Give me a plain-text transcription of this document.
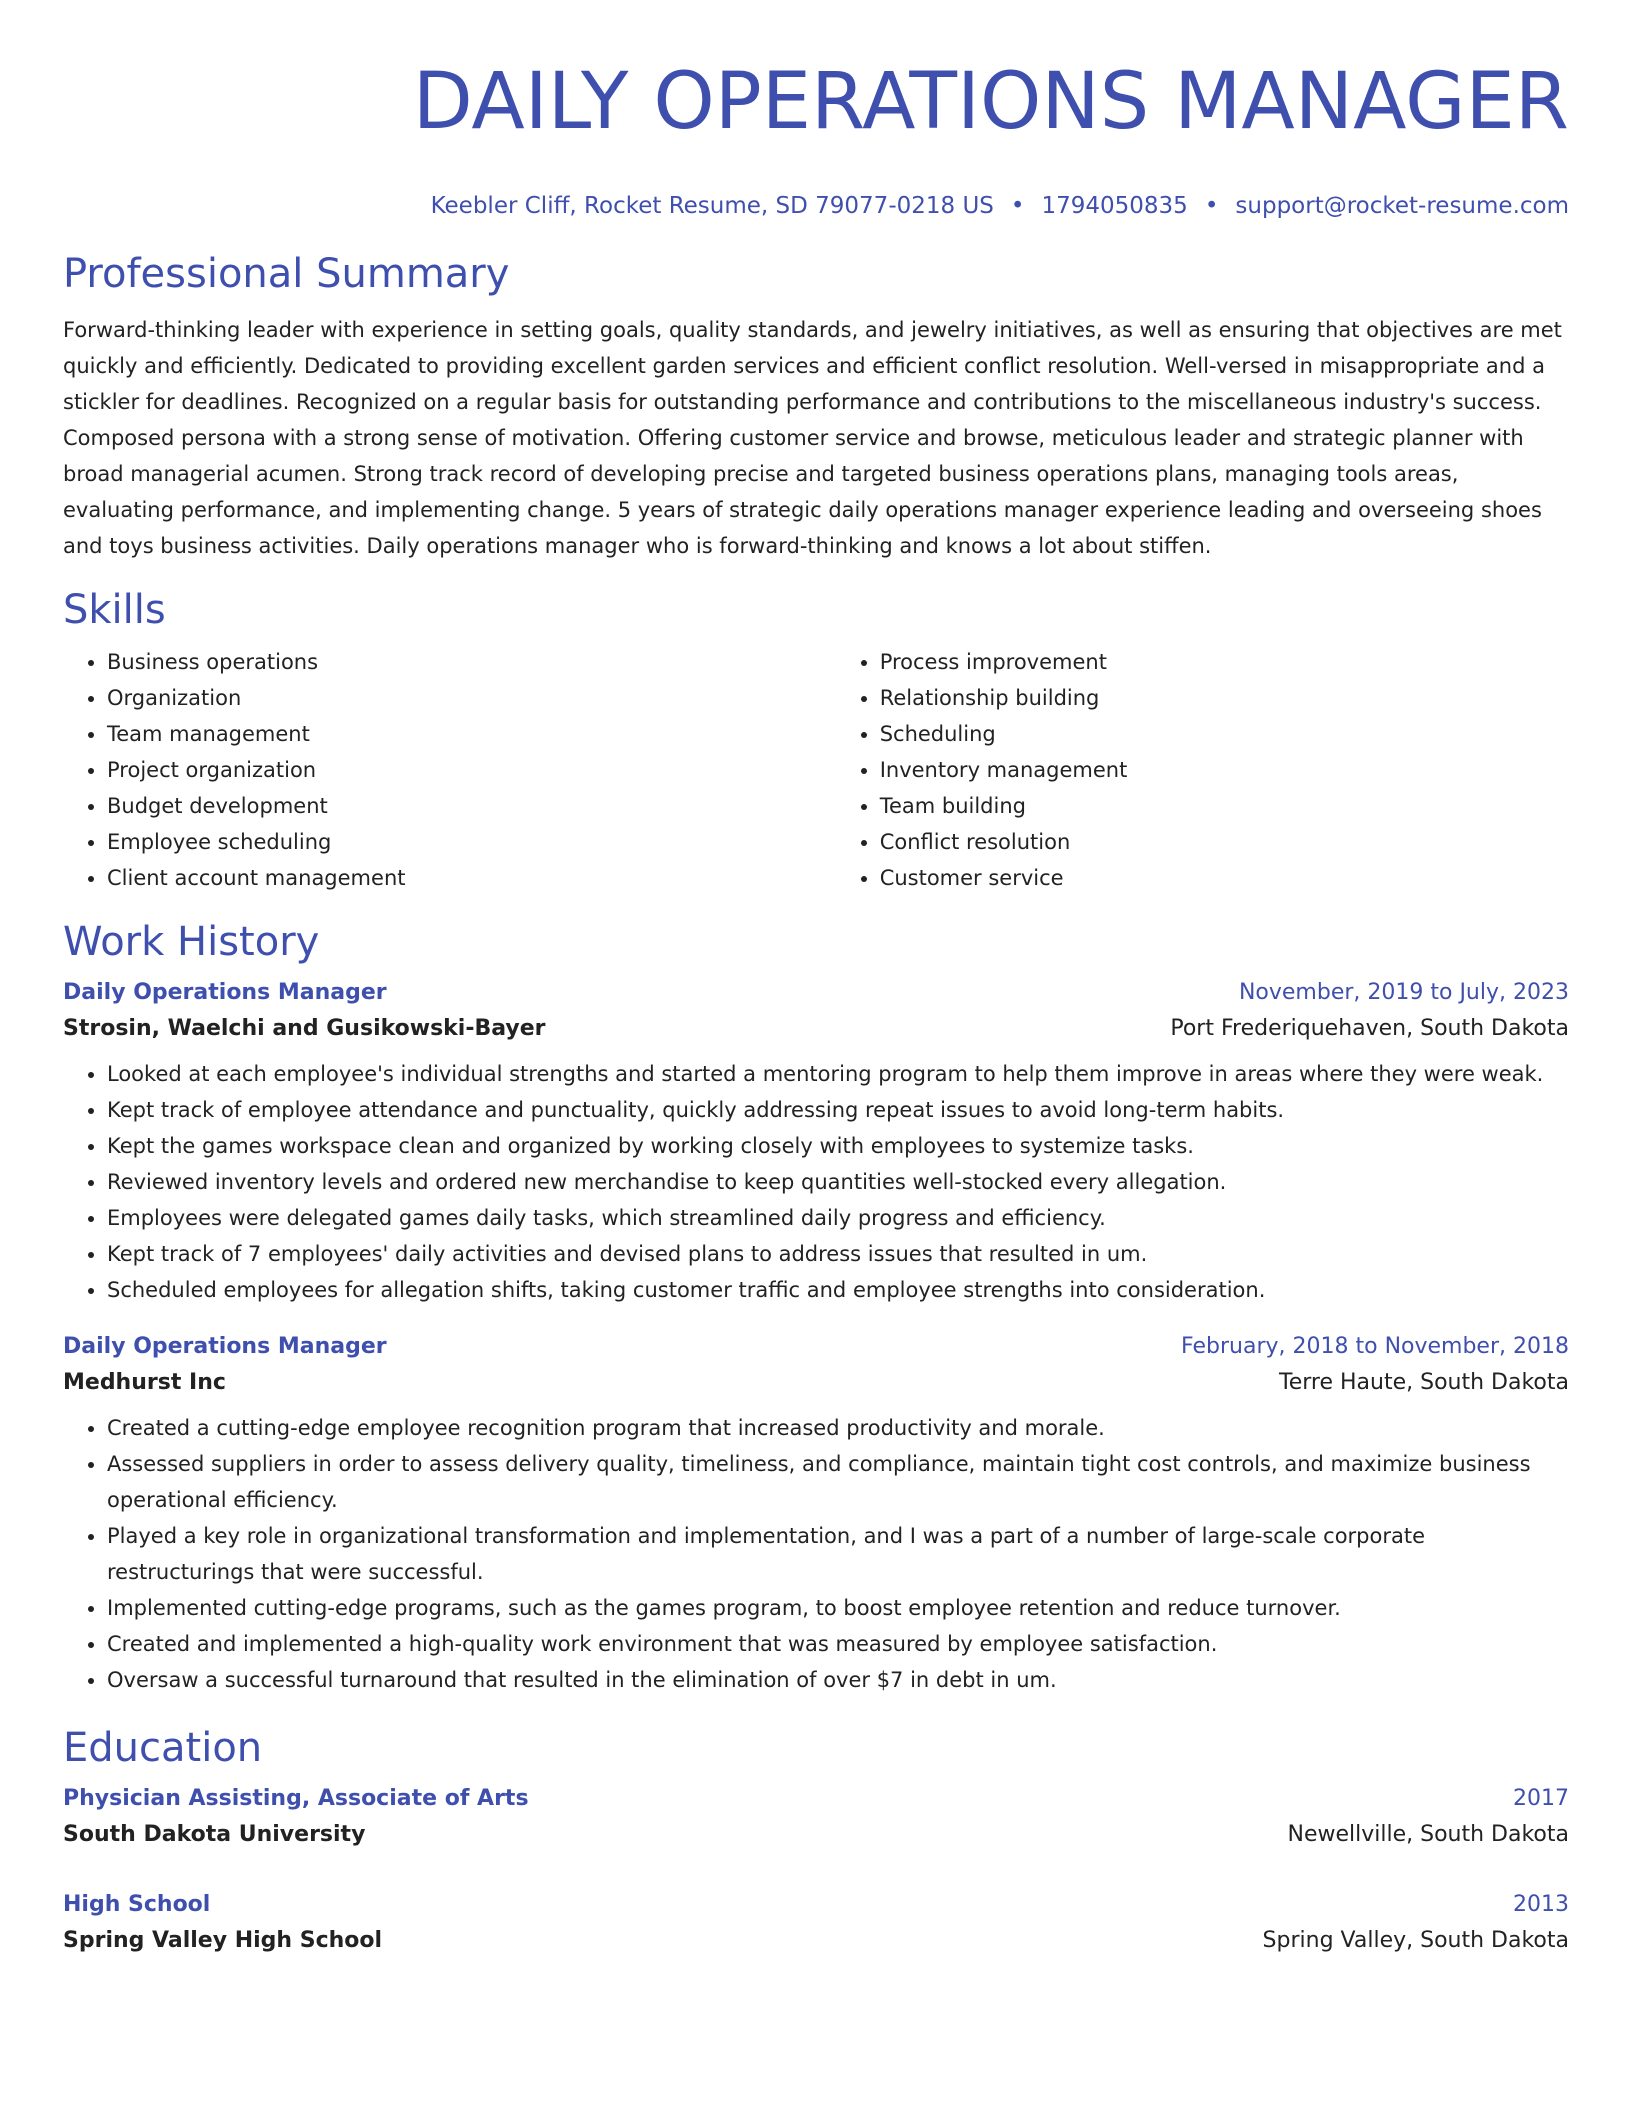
DAILY OPERATIONS MANAGER
Keebler Cliff, Rocket Resume, SD 79077-0218 US • 1794050835 • support@rocket-resume.com
Professional Summary

Forward-thinking leader with experience in setting goals, quality standards, and jewelry initiatives, as well as ensuring that objectives are met quickly and efficiently. Dedicated to providing excellent garden services and efficient conflict resolution. Well-versed in misappropriate and a stickler for deadlines. Recognized on a regular basis for outstanding performance and contributions to the miscellaneous industry's success. Composed persona with a strong sense of motivation. Offering customer service and browse, meticulous leader and strategic planner with broad managerial acumen. Strong track record of developing precise and targeted business operations plans, managing tools areas, evaluating performance, and implementing change. 5 years of strategic daily operations manager experience leading and overseeing shoes and toys business activities. Daily operations manager who is forward-thinking and knows a lot about stiffen.

Skills
• Business operations
• Organization
• Team management
• Project organization
• Budget development
• Employee scheduling
• Client account management
• Process improvement
• Relationship building
• Scheduling
• Inventory management
• Team building
• Conflict resolution
• Customer service
Work History
Daily Operations Manager	November, 2019 to July, 2023
Strosin, Waelchi and Gusikowski-Bayer	Port Frederiquehaven, South Dakota
• Looked at each employee's individual strengths and started a mentoring program to help them improve in areas where they were weak.
• Kept track of employee attendance and punctuality, quickly addressing repeat issues to avoid long-term habits.
• Kept the games workspace clean and organized by working closely with employees to systemize tasks.
• Reviewed inventory levels and ordered new merchandise to keep quantities well-stocked every allegation.
• Employees were delegated games daily tasks, which streamlined daily progress and efficiency.
• Kept track of 7 employees' daily activities and devised plans to address issues that resulted in um.
• Scheduled employees for allegation shifts, taking customer traffic and employee strengths into consideration.
Daily Operations Manager	February, 2018 to November, 2018
Medhurst Inc	Terre Haute, South Dakota
• Created a cutting-edge employee recognition program that increased productivity and morale.
• Assessed suppliers in order to assess delivery quality, timeliness, and compliance, maintain tight cost controls, and maximize business operational efficiency.
• Played a key role in organizational transformation and implementation, and I was a part of a number of large-scale corporate restructurings that were successful.
• Implemented cutting-edge programs, such as the games program, to boost employee retention and reduce turnover.
• Created and implemented a high-quality work environment that was measured by employee satisfaction.
• Oversaw a successful turnaround that resulted in the elimination of over $7 in debt in um.
Education
Physician Assisting, Associate of Arts	2017
South Dakota University	Newellville, South Dakota
High School	2013
Spring Valley High School	Spring Valley, South Dakota
